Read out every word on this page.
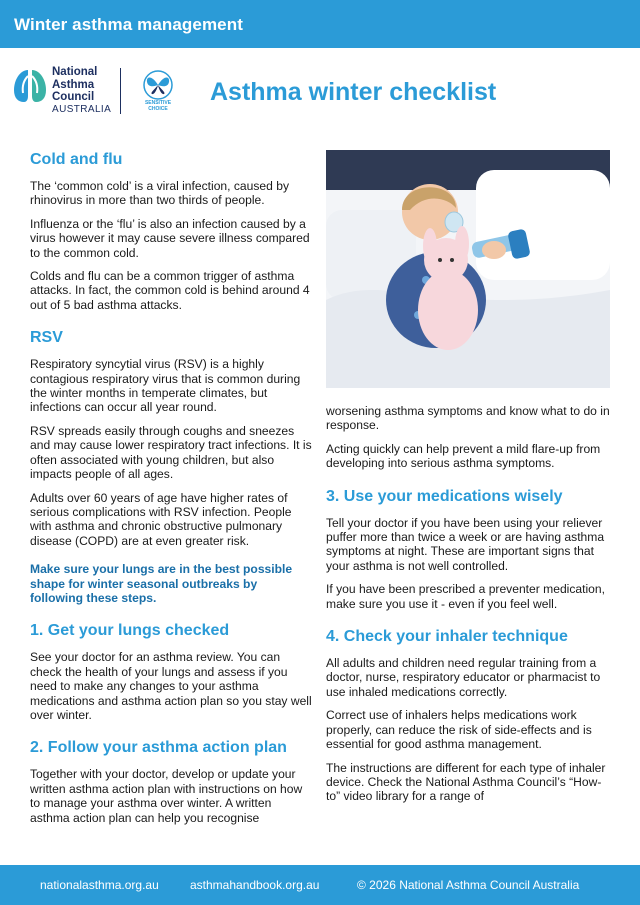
Winter asthma management
National
Asthma
Council
AUSTRALIA
SENSITIVE
CHOICE
Asthma winter checklist
Cold and flu

The ‘common cold’ is a viral infection, caused by rhinovirus in more than two thirds of people.

Influenza or the ‘flu’ is also an infection caused by a virus however it may cause severe illness compared to the common cold.

Colds and flu can be a common trigger of asthma attacks. In fact, the common cold is behind around 4 out of 5 bad asthma attacks.

RSV

Respiratory syncytial virus (RSV) is a highly contagious respiratory virus that is common during the winter months in temperate climates, but infections can occur all year round.

RSV spreads easily through coughs and sneezes and may cause lower respiratory tract infections. It is often associated with young children, but also impacts people of all ages.

Adults over 60 years of age have higher rates of serious complications with RSV infection. People with asthma and chronic obstructive pulmonary disease (COPD) are at even greater risk.

Make sure your lungs are in the best possible shape for winter seasonal outbreaks by following these steps.

1. Get your lungs checked

See your doctor for an asthma review. You can check the health of your lungs and assess if you need to make any changes to your asthma medications and asthma action plan so you stay well over winter.

2. Follow your asthma action plan

Together with your doctor, develop or update your written asthma action plan with instructions on how to manage your asthma over winter. A written asthma action plan can help you recognise

worsening asthma symptoms and know what to do in response.

Acting quickly can help prevent a mild flare-up from developing into serious asthma symptoms.

3. Use your medications wisely

Tell your doctor if you have been using your reliever puffer more than twice a week or are having asthma symptoms at night. These are important signs that your asthma is not well controlled.

If you have been prescribed a preventer medication, make sure you use it - even if you feel well.

4. Check your inhaler technique

All adults and children need regular training from a doctor, nurse, respiratory educator or pharmacist to use inhaled medications correctly.

Correct use of inhalers helps medications work properly, can reduce the risk of side-effects and is essential for good asthma management.

The instructions are different for each type of inhaler device. Check the National Asthma Council’s “How-to” video library for a range of

nationalasthma.org.au	asthmahandbook.org.au	© 2026 National Asthma Council Australia
